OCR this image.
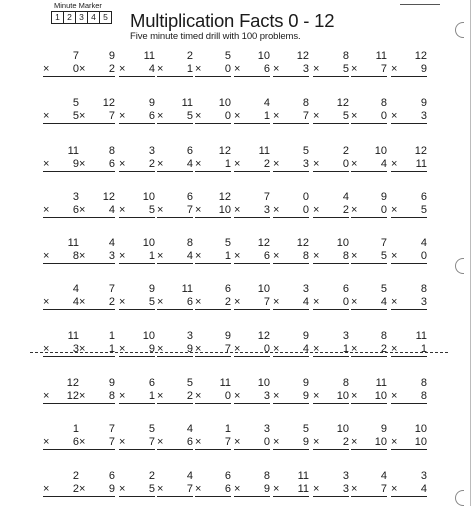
Minute Marker
1 2 3 4 5 Multiplication Facts 0 - 12
Five minute timed drill with 100 problems.
7
× 0
9
× 2
11
× 4
2
× 1
5
× 0
10
× 6
12
× 3
8
× 5
11
× 7
12
× 9
5
× 5
12
× 7
9
× 6
11
× 5
10
× 0
4
× 1
8
× 7
12
× 5
8
× 0
9
× 3
11
× 9
8
× 6
3
× 2
6
× 4
12
× 1
11
× 2
5
× 3
2
× 0
10
× 4
12
× 11
3
× 6
12
× 4
10
× 5
6
× 7
12
× 10
7
× 3
0
× 0
4
× 2
9
× 0
6
× 5
11
× 8
4
× 3
10
× 1
8
× 4
5
× 1
12
× 6
12
× 8
10
× 8
7
× 5
4
× 0
4
× 4
7
× 2
9
× 5
11
× 6
6
× 2
10
× 7
3
× 4
6
× 0
5
× 4
8
× 3
11
× 3
1
× 1
10
× 9
3
× 9
9
× 7
12
× 0
9
× 4
3
× 1
8
× 2
11
× 1
12
× 12
9
× 8
6
× 1
5
× 2
11
× 0
10
× 3
9
× 9
8
× 10
11
× 10
8
× 8
1
× 6
7
× 7
5
× 7
4
× 6
1
× 7
3
× 0
5
× 9
10
× 2
9
× 10
10
× 10
2
× 2
6
× 9
2
× 5
4
× 7
6
× 6
8
× 9
11
× 11
3
× 3
4
× 7
3
× 4
